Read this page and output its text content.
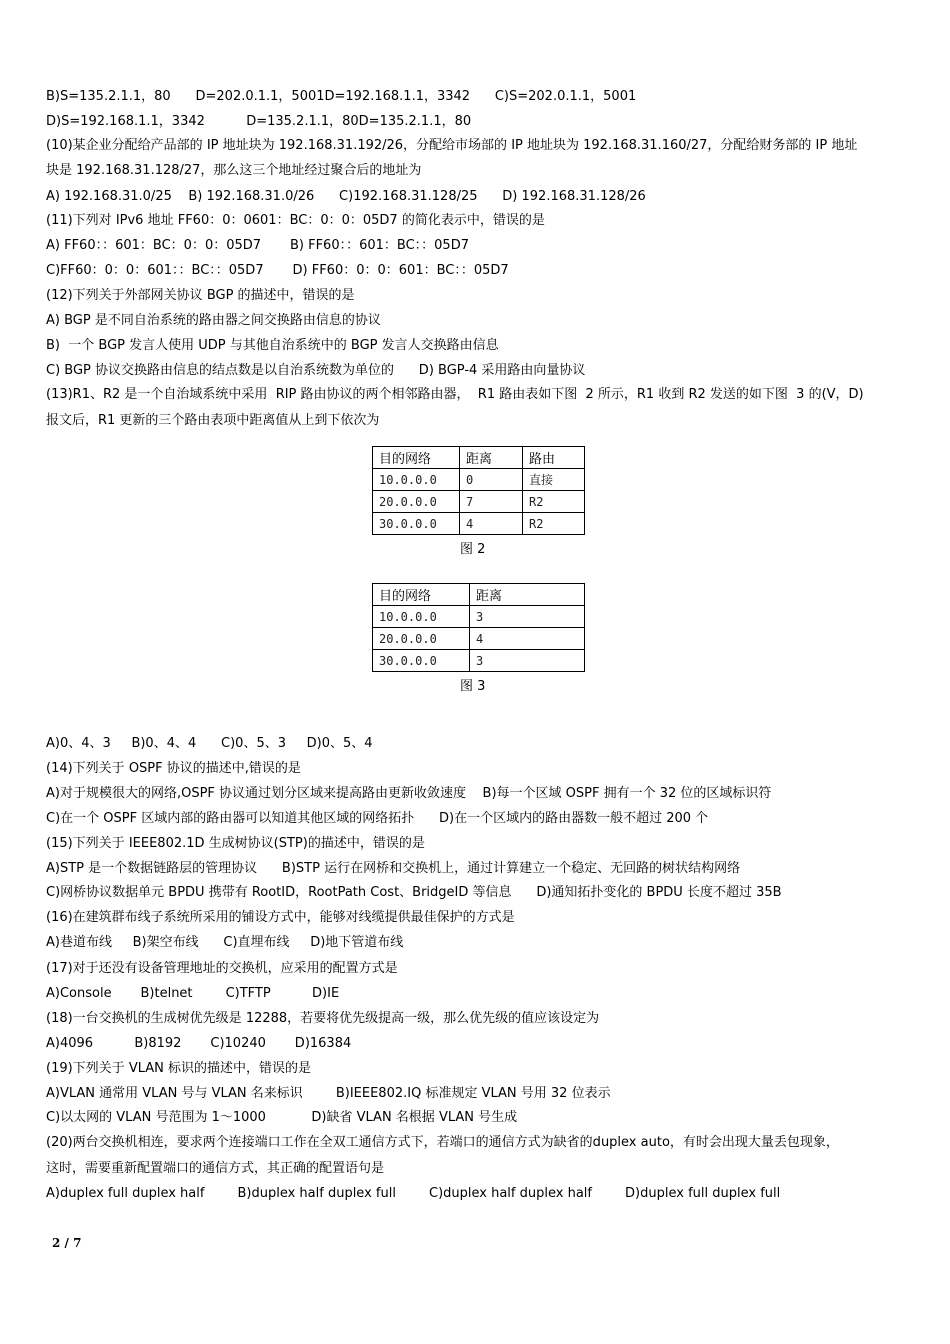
B)S=135.2.1.1，80      D=202.0.1.1，5001D=192.168.1.1，3342      C)S=202.0.1.1，5001
D)S=192.168.1.1，3342          D=135.2.1.1，80D=135.2.1.1，80
(10)某企业分配给产品部的 IP 地址块为 192.168.31.192/26，分配给市场部的 IP 地址块为 192.168.31.160/27，分配给财务部的 IP 地址
块是 192.168.31.128/27，那么这三个地址经过聚合后的地址为
A) 192.168.31.0/25    B) 192.168.31.0/26      C)192.168.31.128/25      D) 192.168.31.128/26
(11)下列对 IPv6 地址 FF60：0：0601：BC：0：0：05D7 的简化表示中，错误的是
A) FF60：：601：BC：0：0：05D7       B) FF60：：601：BC：：05D7
C)FF60：0：0：601：：BC：：05D7       D) FF60：0：0：601：BC：：05D7
(12)下列关于外部网关协议 BGP 的描述中，错误的是
A) BGP 是不同自治系统的路由器之间交换路由信息的协议
B)  一个 BGP 发言人使用 UDP 与其他自治系统中的 BGP 发言人交换路由信息
C) BGP 协议交换路由信息的结点数是以自治系统数为单位的      D) BGP-4 采用路由向量协议
(13)R1、R2 是一个自治域系统中采用  RIP 路由协议的两个相邻路由器，  R1 路由表如下图  2 所示，R1 收到 R2 发送的如下图  3 的(V，D)
报文后，R1 更新的三个路由表项中距离值从上到下依次为
目的网络	距离	路由
10.0.0.0	0	直接
20.0.0.0	7	R2
30.0.0.0	4	R2
图 2
目的网络	距离
10.0.0.0	3
20.0.0.0	4
30.0.0.0	3
图 3
A)0、4、3     B)0、4、4      C)0、5、3     D)0、5、4
(14)下列关于 OSPF 协议的描述中,错误的是
A)对于规模很大的网络,OSPF 协议通过划分区域来提高路由更新收敛速度    B)每一个区域 OSPF 拥有一个 32 位的区域标识符
C)在一个 OSPF 区域内部的路由器可以知道其他区域的网络拓扑      D)在一个区域内的路由器数一般不超过 200 个
(15)下列关于 IEEE802.1D 生成树协议(STP)的描述中，错误的是
A)STP 是一个数据链路层的管理协议      B)STP 运行在网桥和交换机上，通过计算建立一个稳定、无回路的树状结构网络
C)网桥协议数据单元 BPDU 携带有 RootID，RootPath Cost、BridgeID 等信息      D)通知拓扑变化的 BPDU 长度不超过 35B
(16)在建筑群布线子系统所采用的铺设方式中，能够对线缆提供最佳保护的方式是
A)巷道布线     B)架空布线      C)直埋布线     D)地下管道布线
(17)对于还没有设备管理地址的交换机，应采用的配置方式是
A)Console       B)telnet        C)TFTP          D)IE
(18)一台交换机的生成树优先级是 12288，若要将优先级提高一级，那么优先级的值应该设定为
A)4096          B)8192       C)10240       D)16384
(19)下列关于 VLAN 标识的描述中，错误的是
A)VLAN 通常用 VLAN 号与 VLAN 名来标识        B)IEEE802.IQ 标准规定 VLAN 号用 32 位表示
C)以太网的 VLAN 号范围为 1～1000           D)缺省 VLAN 名根据 VLAN 号生成
(20)两台交换机相连，要求两个连接端口工作在全双工通信方式下，若端口的通信方式为缺省的duplex auto，有时会出现大量丢包现象，
这时，需要重新配置端口的通信方式，其正确的配置语句是
A)duplex full duplex half        B)duplex half duplex full        C)duplex half duplex half        D)duplex full duplex full
2 / 7
